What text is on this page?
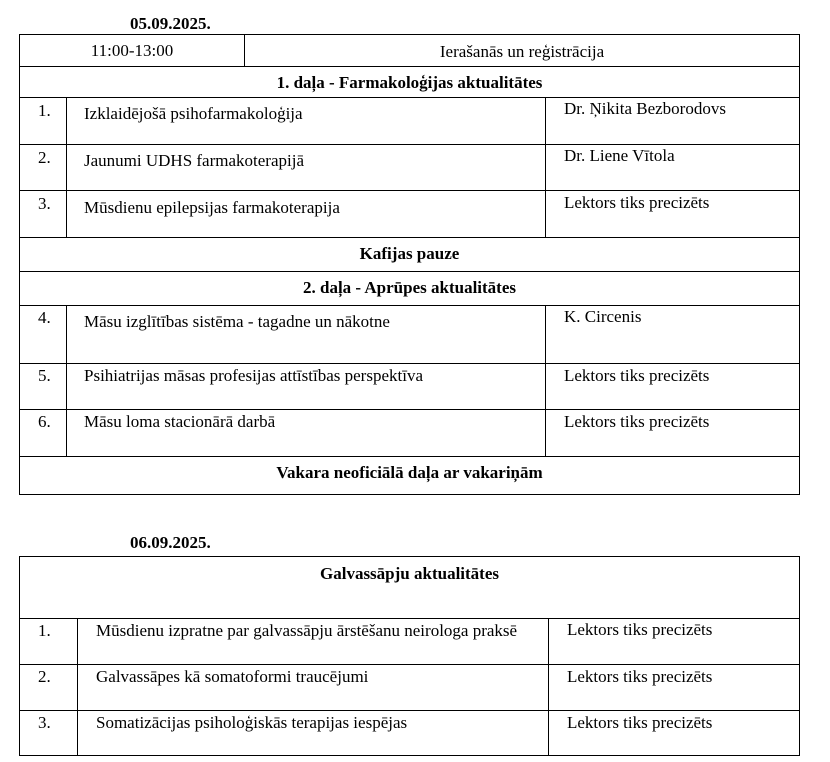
05.09.2025.
11:00-13:00	Ierašanās un reģistrācija
1. daļa - Farmakoloģijas aktualitātes
1. Izklaidējošā psihofarmakoloģija	Dr. Ņikita Bezborodovs
2. Jaunumi UDHS farmakoterapijā	Dr. Liene Vītola
3. Mūsdienu epilepsijas farmakoterapija	Lektors tiks precizēts
Kafijas pauze
2. daļa - Aprūpes aktualitātes
4. Māsu izglītības sistēma - tagadne un nākotne	K. Circenis
5. Psihiatrijas māsas profesijas attīstības perspektīva	Lektors tiks precizēts
6. Māsu loma stacionārā darbā	Lektors tiks precizēts
Vakara neoficiālā daļa ar vakariņām
06.09.2025.
Galvassāpju aktualitātes
1.	Mūsdienu izpratne par galvassāpju ārstēšanu neirologa praksē	Lektors tiks precizēts
2.	Galvassāpes kā somatoformi traucējumi	Lektors tiks precizēts
3.	Somatizācijas psiholoģiskās terapijas iespējas	Lektors tiks precizēts
